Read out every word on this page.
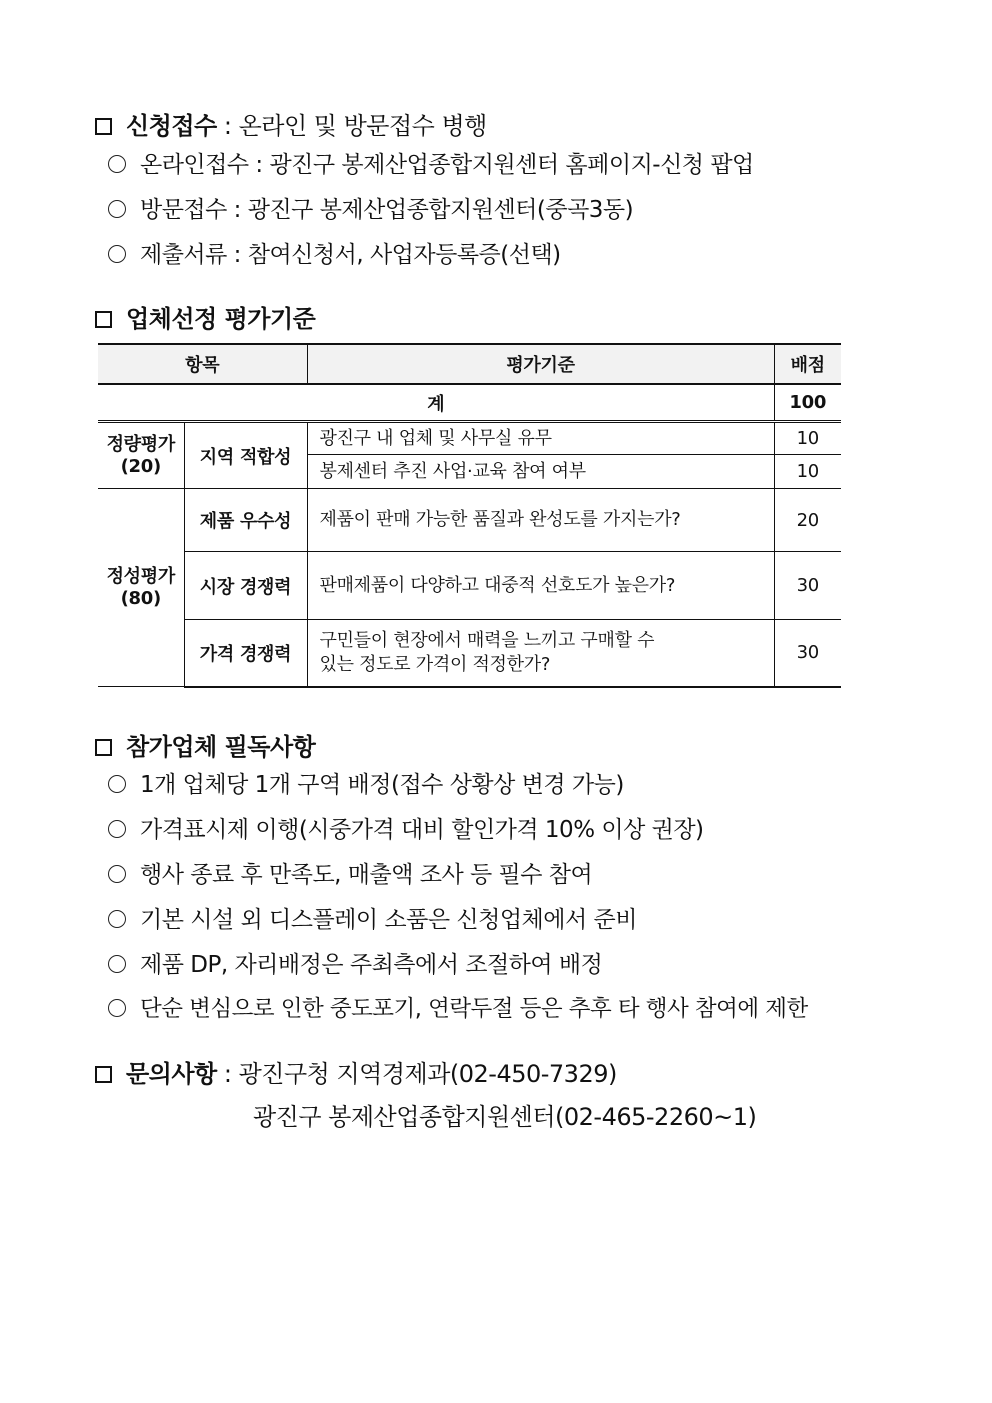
신청접수 : 온라인 및 방문접수 병행
온라인접수 : 광진구 봉제산업종합지원센터 홈페이지-신청 팝업
방문접수 : 광진구 봉제산업종합지원센터(중곡3동)
제출서류 : 참여신청서, 사업자등록증(선택)
업체선정 평가기준
항목		평가기준	배점
계			100
정량평가
(20)	지역 적합성	광진구 내 업체 및 사무실 유무	10
		봉제센터 추진 사업·교육 참여 여부	10
정성평가
(80)	제품 우수성	제품이 판매 가능한 품질과 완성도를 가지는가?	20
	시장 경쟁력	판매제품이 다양하고 대중적 선호도가 높은가?	30
	가격 경쟁력	구민들이 현장에서 매력을 느끼고 구매할 수
있는 정도로 가격이 적정한가?	30
참가업체 필독사항
1개 업체당 1개 구역 배정(접수 상황상 변경 가능)
가격표시제 이행(시중가격 대비 할인가격 10% 이상 권장)
행사 종료 후 만족도, 매출액 조사 등 필수 참여
기본 시설 외 디스플레이 소품은 신청업체에서 준비
제품 DP, 자리배정은 주최측에서 조절하여 배정
단순 변심으로 인한 중도포기, 연락두절 등은 추후 타 행사 참여에 제한
문의사항 : 광진구청 지역경제과(02-450-7329)
광진구 봉제산업종합지원센터(02-465-2260~1)
